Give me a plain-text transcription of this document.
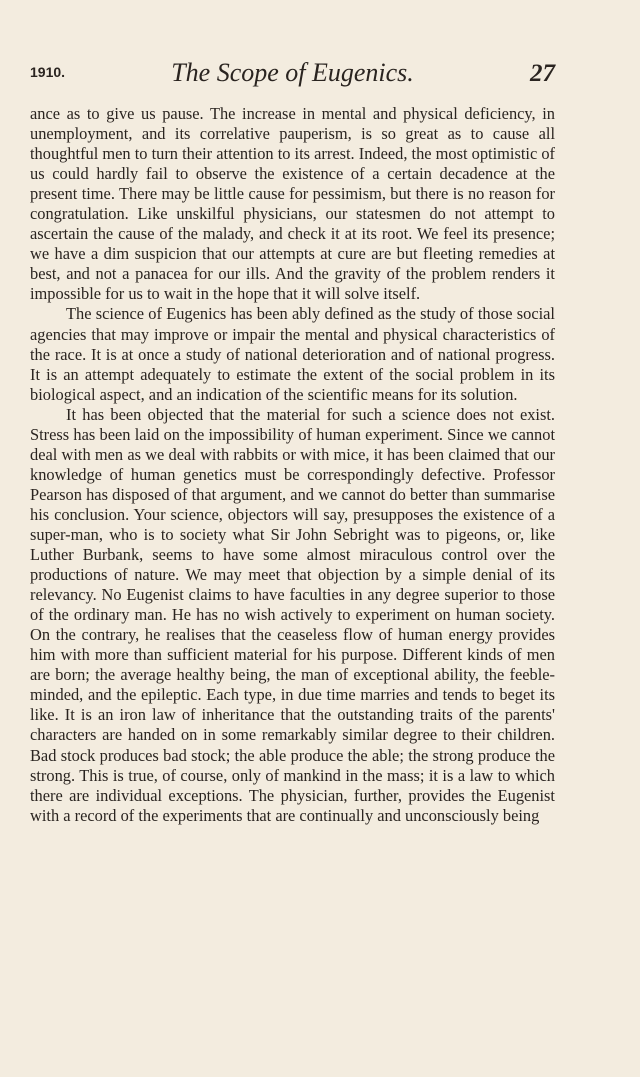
1910.	The Scope of Eugenics.	27

ance as to give us pause. The increase in mental and physical deficiency, in unemployment, and its correlative pauperism, is so great as to cause all thoughtful men to turn their attention to its arrest. Indeed, the most optimistic of us could hardly fail to observe the existence of a certain decadence at the present time. There may be little cause for pessimism, but there is no reason for congratulation. Like unskilful physicians, our statesmen do not attempt to ascertain the cause of the malady, and check it at its root. We feel its presence; we have a dim suspicion that our attempts at cure are but fleeting remedies at best, and not a panacea for our ills. And the gravity of the problem renders it impossible for us to wait in the hope that it will solve itself.

The science of Eugenics has been ably defined as the study of those social agencies that may improve or impair the mental and physical characteristics of the race. It is at once a study of national deterioration and of national progress. It is an attempt adequately to estimate the extent of the social problem in its biological aspect, and an indication of the scientific means for its solution.

It has been objected that the material for such a science does not exist. Stress has been laid on the impossibility of human experiment. Since we cannot deal with men as we deal with rabbits or with mice, it has been claimed that our knowledge of human genetics must be correspondingly defective. Professor Pearson has disposed of that argument, and we cannot do better than summarise his conclusion. Your science, objectors will say, presupposes the existence of a super-man, who is to society what Sir John Sebright was to pigeons, or, like Luther Burbank, seems to have some almost miraculous control over the productions of nature. We may meet that objection by a simple denial of its relevancy. No Eugenist claims to have faculties in any degree superior to those of the ordinary man. He has no wish actively to experiment on human society. On the contrary, he realises that the ceaseless flow of human energy provides him with more than sufficient material for his purpose. Different kinds of men are born; the average healthy being, the man of exceptional ability, the feeble-minded, and the epileptic. Each type, in due time marries and tends to beget its like. It is an iron law of inheritance that the outstanding traits of the parents' characters are handed on in some remarkably similar degree to their children. Bad stock produces bad stock; the able produce the able; the strong produce the strong. This is true, of course, only of mankind in the mass; it is a law to which there are individual exceptions. The physician, further, provides the Eugenist with a record of the experiments that are continually and unconsciously being
